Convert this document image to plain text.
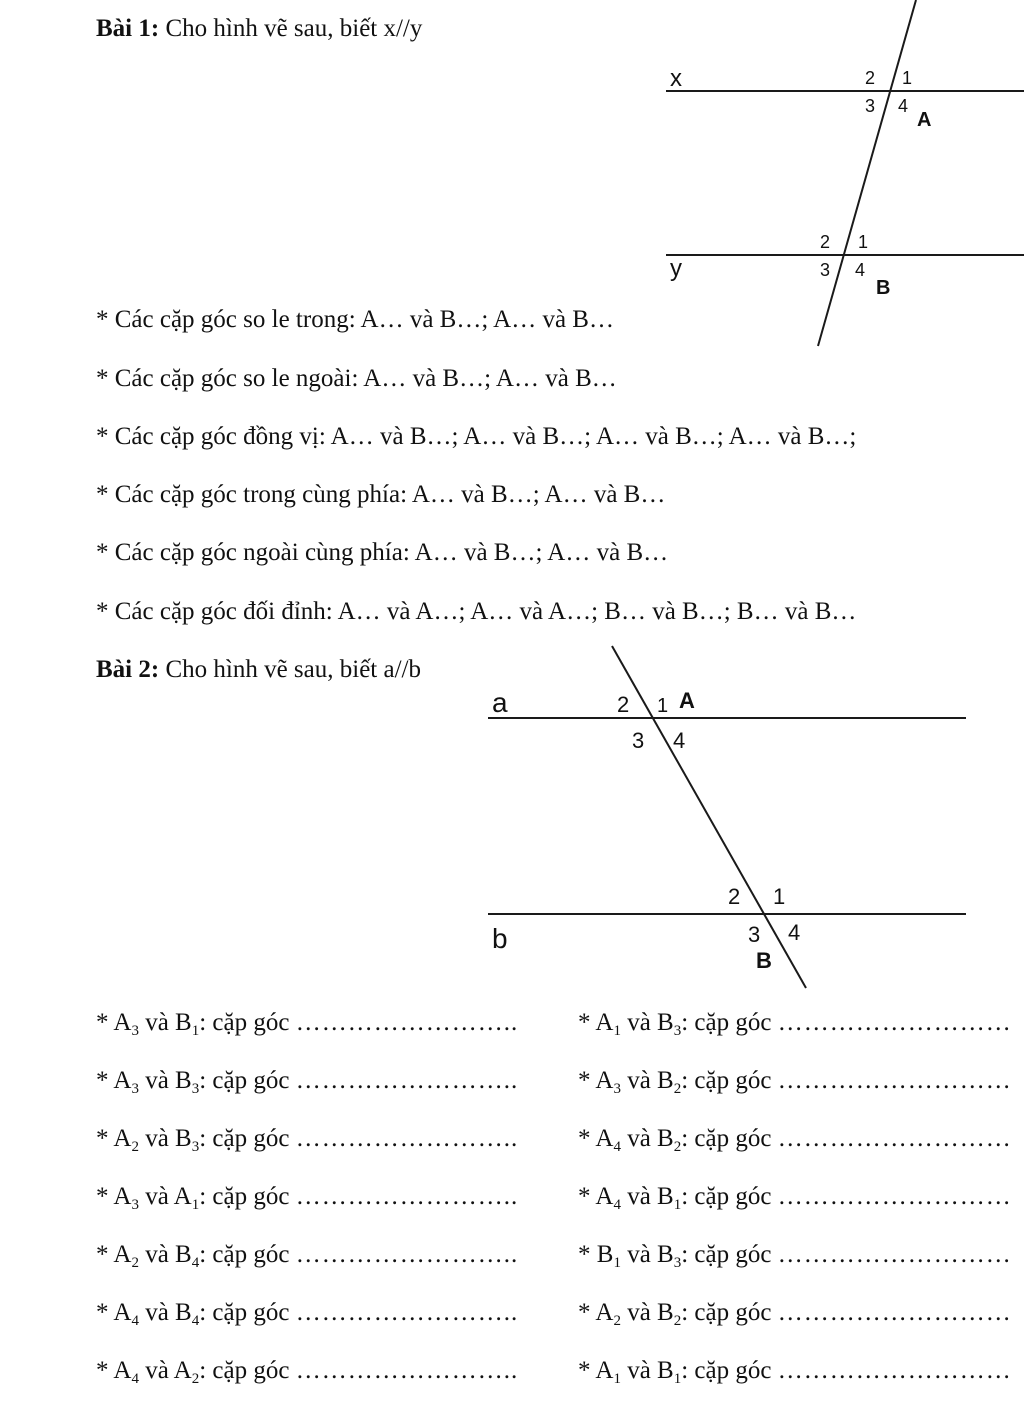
Bài 1: Cho hình vẽ sau, biết x//y
x
y
2 1
3 4
A
2 1
3 4
B
* Các cặp góc so le trong: A… và B…; A… và B…
* Các cặp góc so le ngoài: A… và B…; A… và B…
* Các cặp góc đồng vị: A… và B…; A… và B…; A… và B…; A… và B…;
* Các cặp góc trong cùng phía: A… và B…; A… và B…
* Các cặp góc ngoài cùng phía: A… và B…; A… và B…
* Các cặp góc đối đỉnh: A… và A…; A… và A…; B… và B…; B… và B…
Bài 2: Cho hình vẽ sau, biết a//b
a
b
2 1 A
3 4
2 1
3 4
B
* $A_3$ và $B_1$: cặp góc …………………….. * $A_1$ và $B_3$: cặp góc ………………………
* $A_3$ và $B_3$: cặp góc …………………….. * $A_3$ và $B_2$: cặp góc ………………………
* $A_2$ và $B_3$: cặp góc …………………….. * $A_4$ và $B_2$: cặp góc ………………………
* $A_3$ và $A_1$: cặp góc …………………….. * $A_4$ và $B_1$: cặp góc ………………………
* $A_2$ và $B_4$: cặp góc …………………….. * $B_1$ và $B_3$: cặp góc ………………………
* $A_4$ và $B_4$: cặp góc …………………….. * $A_2$ và $B_2$: cặp góc ………………………
* $A_4$ và $A_2$: cặp góc …………………….. * $A_1$ và $B_1$: cặp góc ………………………
